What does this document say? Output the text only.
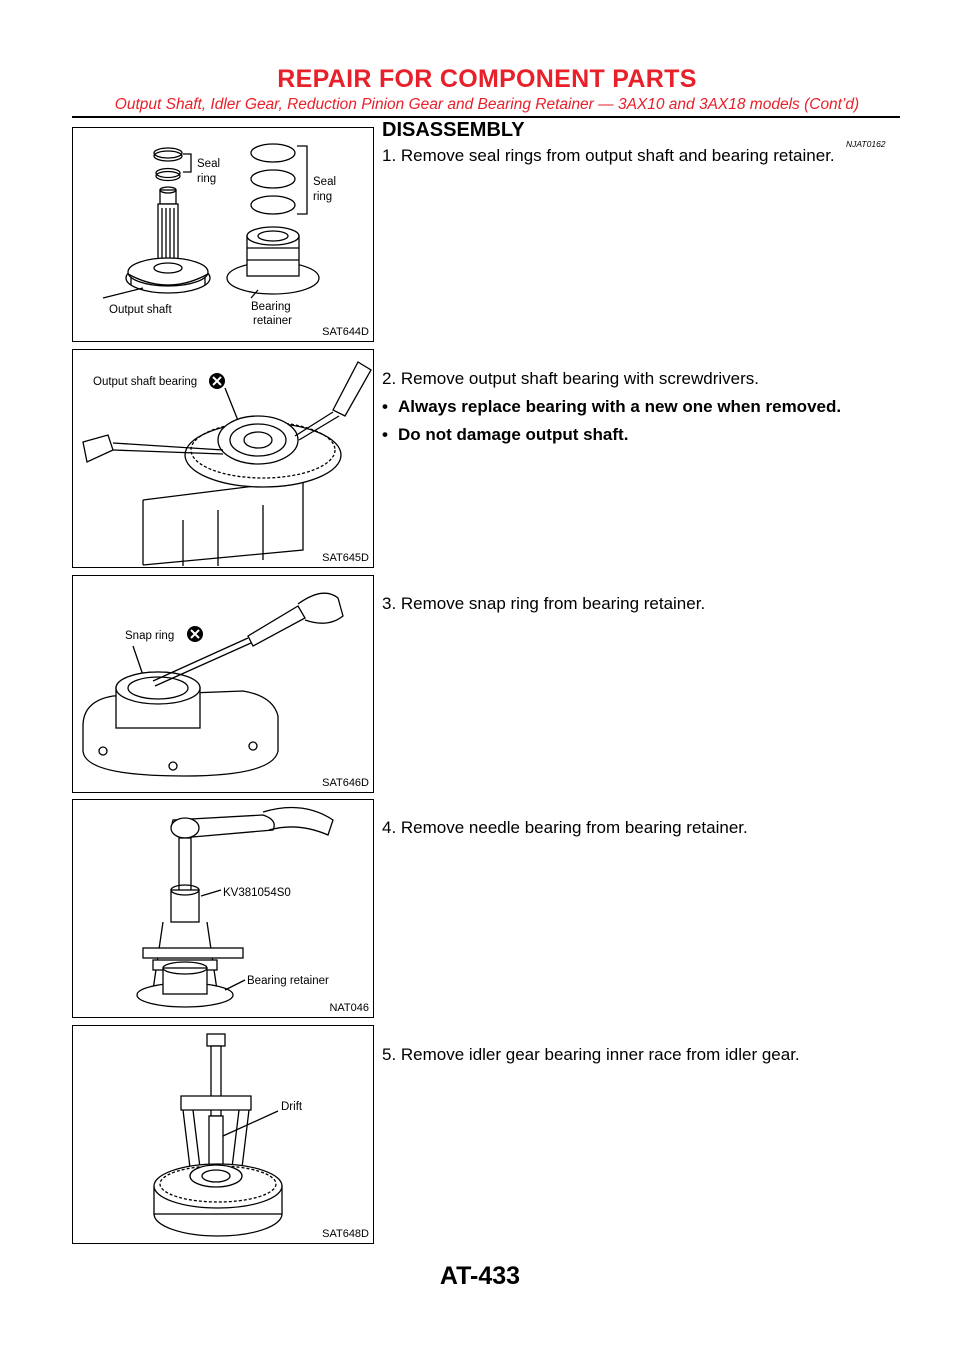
REPAIR FOR COMPONENT PARTS
Output Shaft, Idler Gear, Reduction Pinion Gear and Bearing Retainer — 3AX10 and 3AX18 models (Cont’d)
Seal
ring
Output shaft
Seal
ring
Bearing
retainer
SAT644D
Output shaft bearing
SAT645D
Snap ring
SAT646D
KV381054S0
Bearing retainer
NAT046
Drift
SAT648D
DISASSEMBLY
NJAT0162
1. Remove seal rings from output shaft and bearing retainer.
2. Remove output shaft bearing with screwdrivers.
• Always replace bearing with a new one when removed.
• Do not damage output shaft.
3. Remove snap ring from bearing retainer.
4. Remove needle bearing from bearing retainer.
5. Remove idler gear bearing inner race from idler gear.
AT-433
